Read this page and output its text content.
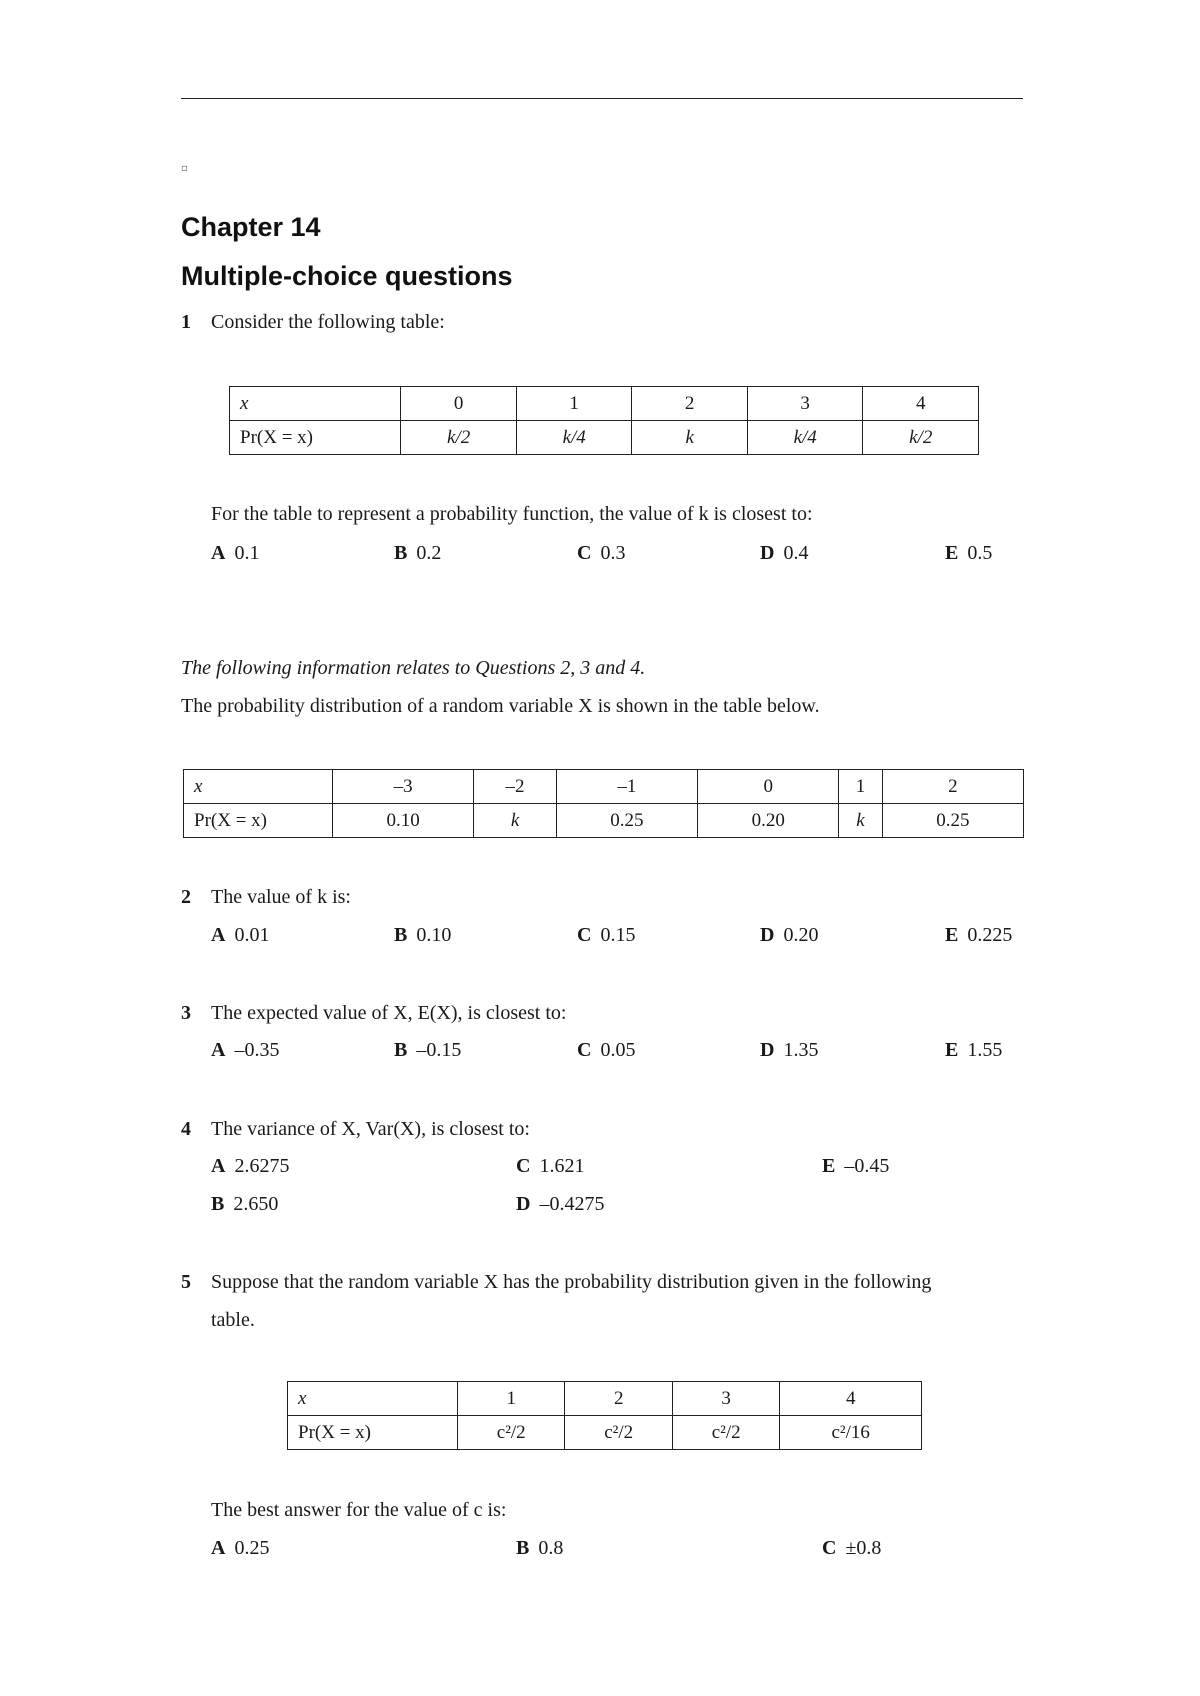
▫
Chapter 14
Multiple-choice questions
1 Consider the following table:
x	0	1	2	3	4
Pr(X = x)	k/2	k/4	k	k/4	k/2
For the table to represent a probability function, the value of k is closest to:
A 0.1	B 0.2	C 0.3	D 0.4	E 0.5
The following information relates to Questions 2, 3 and 4.
The probability distribution of a random variable X is shown in the table below.
x	–3	–2	–1	0	1	2
Pr(X = x)	0.10	k	0.25	0.20	k	0.25
2 The value of k is:
A 0.01	B 0.10	C 0.15	D 0.20	E 0.225
3 The expected value of X, E(X), is closest to:
A –0.35	B –0.15	C 0.05	D 1.35	E 1.55
4 The variance of X, Var(X), is closest to:
A 2.6275
B 2.650
C 1.621
D –0.4275
E –0.45
5 Suppose that the random variable X has the probability distribution given in the following
table.
x	1	2	3	4
Pr(X = x)	c²/2	c²/2	c²/2	c²/16
The best answer for the value of c is:
A 0.25	B 0.8	C ±0.8
